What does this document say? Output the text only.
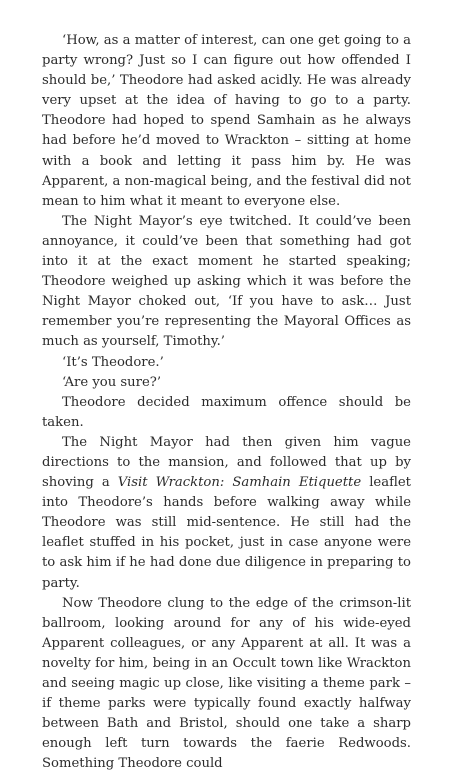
‘How, as a matter of interest, can one get going to a party wrong? Just so I can figure out how offended I should be,’ Theodore had asked acidly. He was already very upset at the idea of having to go to a party. Theodore had hoped to spend Samhain as he always had before he’d moved to Wrackton – sitting at home with a book and letting it pass him by. He was Apparent, a non-magical being, and the festival did not mean to him what it meant to everyone else.

The Night Mayor’s eye twitched. It could’ve been annoyance, it could’ve been that something had got into it at the exact moment he started speaking; Theodore weighed up asking which it was before the Night Mayor choked out, ‘If you have to ask… Just remember you’re representing the Mayoral Offices as much as yourself, Timothy.’

‘It’s Theodore.’

‘Are you sure?’

Theodore decided maximum offence should be taken.

The Night Mayor had then given him vague directions to the mansion, and followed that up by shoving a Visit Wrackton: Samhain Etiquette leaflet into Theodore’s hands before walking away while Theodore was still mid-sentence. He still had the leaflet stuffed in his pocket, just in case anyone were to ask him if he had done due diligence in preparing to party.

Now Theodore clung to the edge of the crimson-lit ballroom, looking around for any of his wide-eyed Apparent colleagues, or any Apparent at all. It was a novelty for him, being in an Occult town like Wrackton and seeing magic up close, like visiting a theme park – if theme parks were typically found exactly halfway between Bath and Bristol, should one take a sharp enough left turn towards the faerie Redwoods. Something Theodore could
